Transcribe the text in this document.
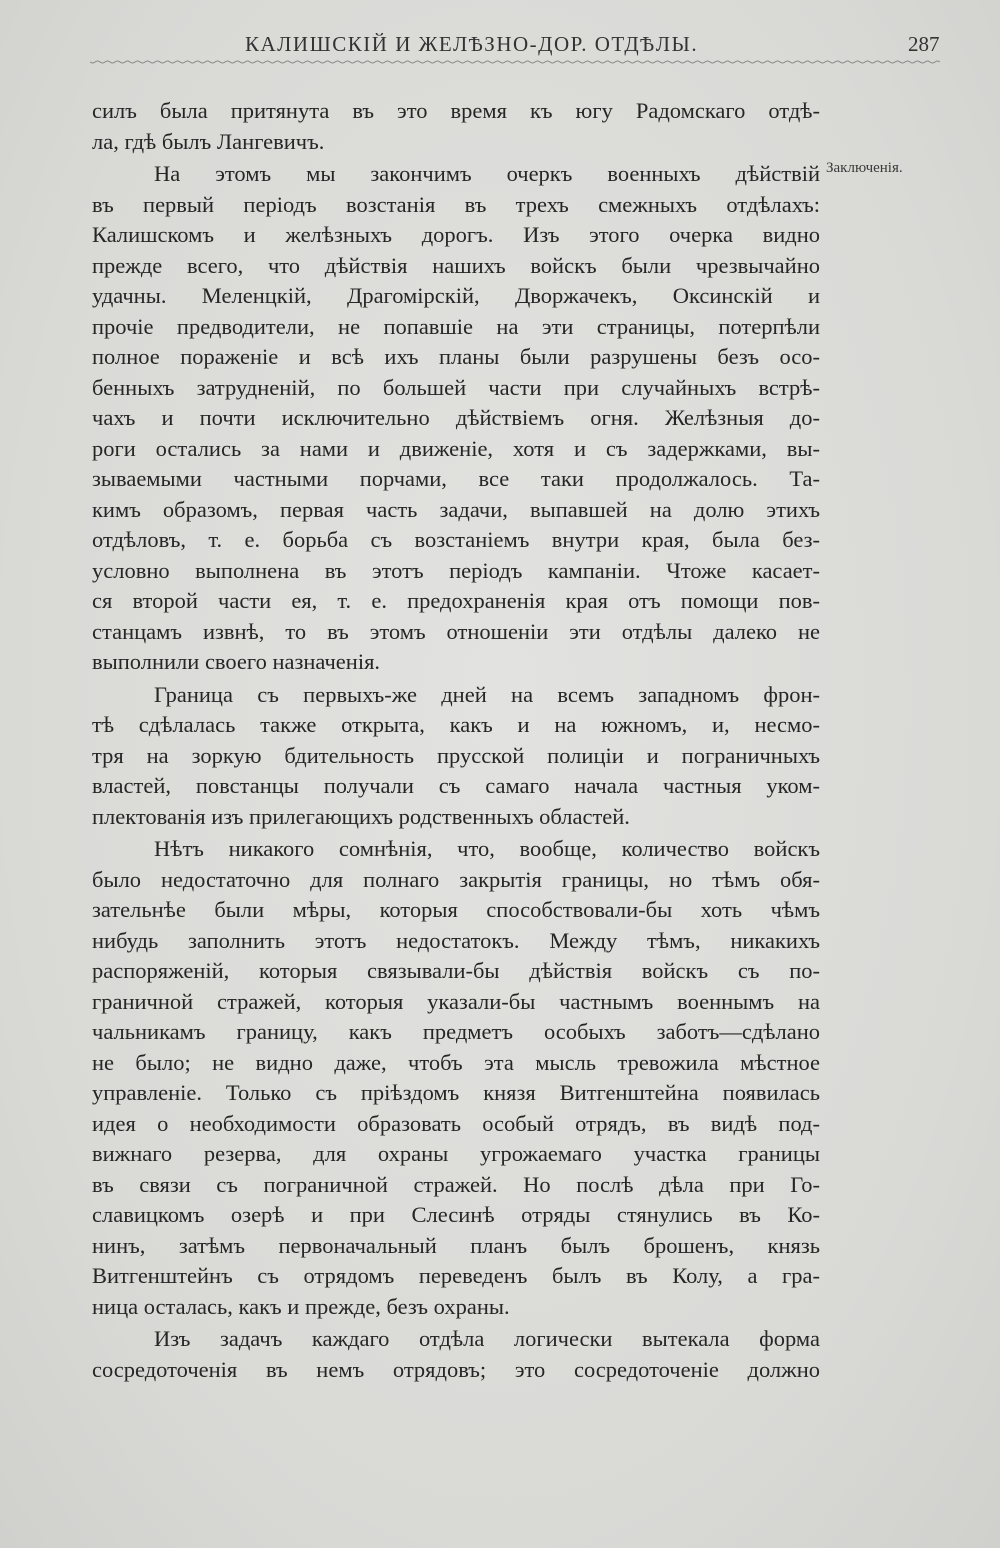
КАЛИШСКІЙ И ЖЕЛѢЗНО-ДОР. ОТДѢЛЫ.	287
Заключенія.
силъ была притянута въ это время къ югу Радомскаго отдѣ-
ла, гдѣ былъ Лангевичъ.
На этомъ мы закончимъ очеркъ военныхъ дѣйствій
въ первый періодъ возстанія въ трехъ смежныхъ отдѣлахъ:
Калишскомъ и желѣзныхъ дорогъ. Изъ этого очерка видно
прежде всего, что дѣйствія нашихъ войскъ были чрезвычайно
удачны. Меленцкій, Драгомірскій, Дворжачекъ, Оксинскій и
прочіе предводители, не попавшіе на эти страницы, потерпѣли
полное пораженіе и всѣ ихъ планы были разрушены безъ осо-
бенныхъ затрудненій, по большей части при случайныхъ встрѣ-
чахъ и почти исключительно дѣйствіемъ огня. Желѣзныя до-
роги остались за нами и движеніе, хотя и съ задержками, вы-
зываемыми частными порчами, все таки продолжалось. Та-
кимъ образомъ, первая часть задачи, выпавшей на долю этихъ
отдѣловъ, т. е. борьба съ возстаніемъ внутри края, была без-
условно выполнена въ этотъ періодъ кампаніи. Чтоже касает-
ся второй части ея, т. е. предохраненія края отъ помощи пов-
станцамъ извнѣ, то въ этомъ отношеніи эти отдѣлы далеко не
выполнили своего назначенія.
Граница съ первыхъ-же дней на всемъ западномъ фрон-
тѣ сдѣлалась также открыта, какъ и на южномъ, и, несмо-
тря на зоркую бдительность прусской полиціи и пограничныхъ
властей, повстанцы получали съ самаго начала частныя уком-
плектованія изъ прилегающихъ родственныхъ областей.
Нѣтъ никакого сомнѣнія, что, вообще, количество войскъ
было недостаточно для полнаго закрытія границы, но тѣмъ обя-
зательнѣе были мѣры, которыя способствовали-бы хоть чѣмъ
нибудь заполнить этотъ недостатокъ. Между тѣмъ, никакихъ
распоряженій, которыя связывали-бы дѣйствія войскъ съ по-
граничной стражей, которыя указали-бы частнымъ военнымъ на
чальникамъ границу, какъ предметъ особыхъ заботъ—сдѣлано
не было; не видно даже, чтобъ эта мысль тревожила мѣстное
управленіе. Только съ пріѣздомъ князя Витгенштейна появилась
идея о необходимости образовать особый отрядъ, въ видѣ под-
вижнаго резерва, для охраны угрожаемаго участка границы
въ связи съ пограничной стражей. Но послѣ дѣла при Го-
славицкомъ озерѣ и при Слесинѣ отряды стянулись въ Ко-
нинъ, затѣмъ первоначальный планъ былъ брошенъ, князь
Витгенштейнъ съ отрядомъ переведенъ былъ въ Колу, а гра-
ница осталась, какъ и прежде, безъ охраны.
Изъ задачъ каждаго отдѣла логически вытекала форма
сосредоточенія въ немъ отрядовъ; это сосредоточеніе должно
